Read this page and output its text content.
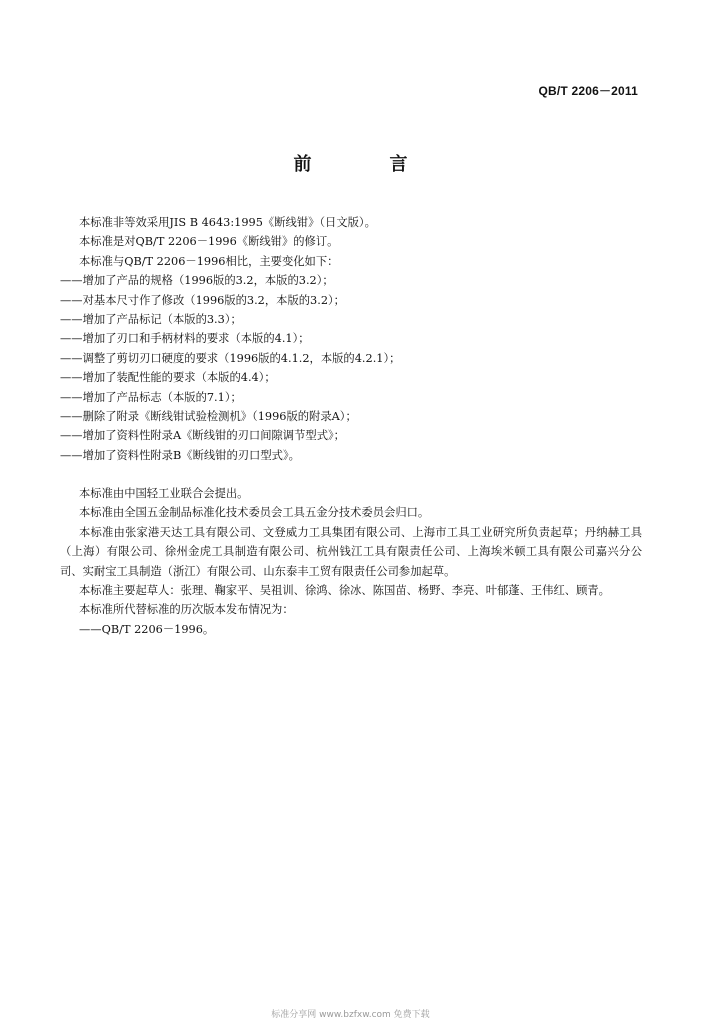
QB/T 2206－2011
前　言

本标准非等效采用JIS B 4643:1995《断线钳》（日文版）。

本标准是对QB/T 2206－1996《断线钳》的修订。

本标准与QB/T 2206－1996相比，主要变化如下：

——增加了产品的规格（1996版的3.2，本版的3.2）；

——对基本尺寸作了修改（1996版的3.2，本版的3.2）；

——增加了产品标记（本版的3.3）；

——增加了刃口和手柄材料的要求（本版的4.1）；

——调整了剪切刃口硬度的要求（1996版的4.1.2，本版的4.2.1）；

——增加了装配性能的要求（本版的4.4）；

——增加了产品标志（本版的7.1）；

——删除了附录《断线钳试验检测机》（1996版的附录A）；

——增加了资料性附录A《断线钳的刃口间隙调节型式》；

——增加了资料性附录B《断线钳的刃口型式》。

本标准由中国轻工业联合会提出。

本标准由全国五金制品标准化技术委员会工具五金分技术委员会归口。

本标准由张家港天达工具有限公司、文登威力工具集团有限公司、上海市工具工业研究所负责起草；丹纳赫工具（上海）有限公司、徐州金虎工具制造有限公司、杭州钱江工具有限责任公司、上海埃米顿工具有限公司嘉兴分公司、实耐宝工具制造（浙江）有限公司、山东泰丰工贸有限责任公司参加起草。

本标准主要起草人：张理、鞠家平、吴祖训、徐鸿、徐冰、陈国苗、杨野、李亮、叶郁蓬、王伟红、顾青。

本标准所代替标准的历次版本发布情况为：

——QB/T 2206－1996。

标准分享网 www.bzfxw.com 免费下载
